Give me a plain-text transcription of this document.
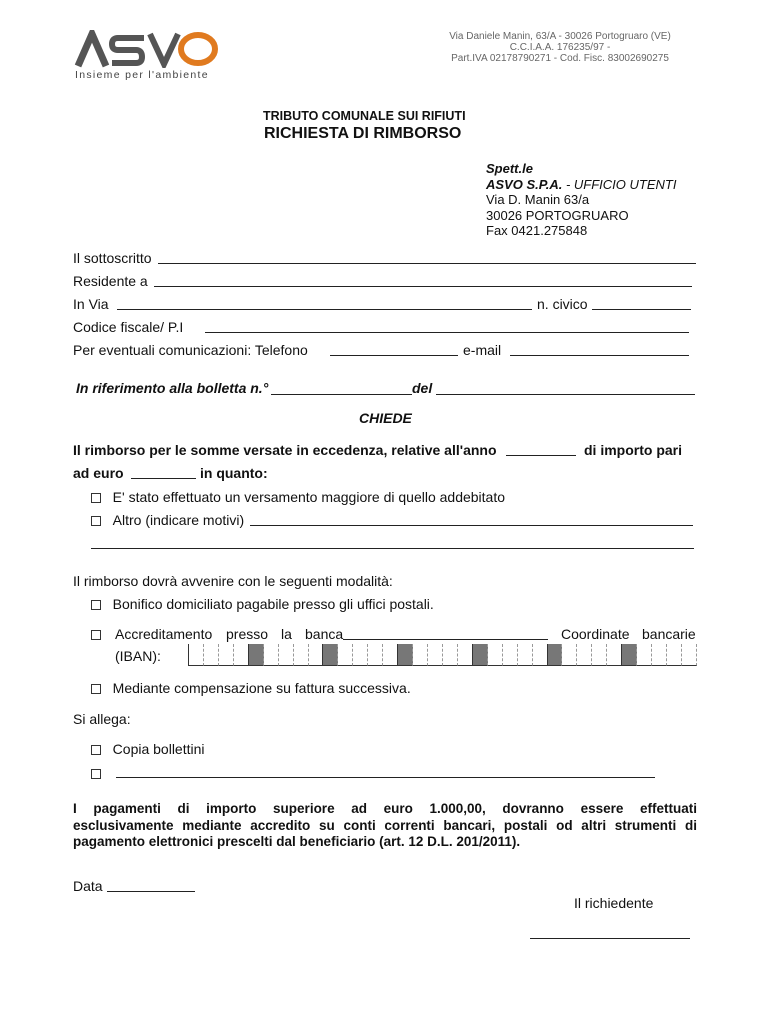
Insieme per l'ambiente
Via Daniele Manin, 63/A - 30026 Portogruaro (VE)
C.C.I.A.A. 176235/97 -
Part.IVA 02178790271 - Cod. Fisc. 83002690275
TRIBUTO COMUNALE SUI RIFIUTI
RICHIESTA DI RIMBORSO
Spett.le
ASVO S.P.A. - UFFICIO UTENTI
Via D. Manin 63/a
30026 PORTOGRUARO
Fax 0421.275848
Il sottoscritto
Residente a
In Via	n. civico
Codice fiscale/ P.I
Per eventuali comunicazioni: Telefono	e-mail
In riferimento alla bolletta n.°	del
CHIEDE
Il rimborso per le somme versate in eccedenza, relative all'anno	di importo pari
ad euro	in quanto:
E' stato effettuato un versamento maggiore di quello addebitato
Altro (indicare motivi)
Il rimborso dovrà avvenire con le seguenti modalità:
Bonifico domiciliato pagabile presso gli uffici postali.
Accreditamento presso la banca	Coordinate bancarie
(IBAN):
Mediante compensazione su fattura successiva.
Si allega:
Copia bollettini
I pagamenti di importo superiore ad euro 1.000,00, dovranno essere effettuati
esclusivamente mediante accredito su conti correnti bancari, postali od altri strumenti di
pagamento elettronici prescelti dal beneficiario (art. 12 D.L. 201/2011).
Data
Il richiedente
